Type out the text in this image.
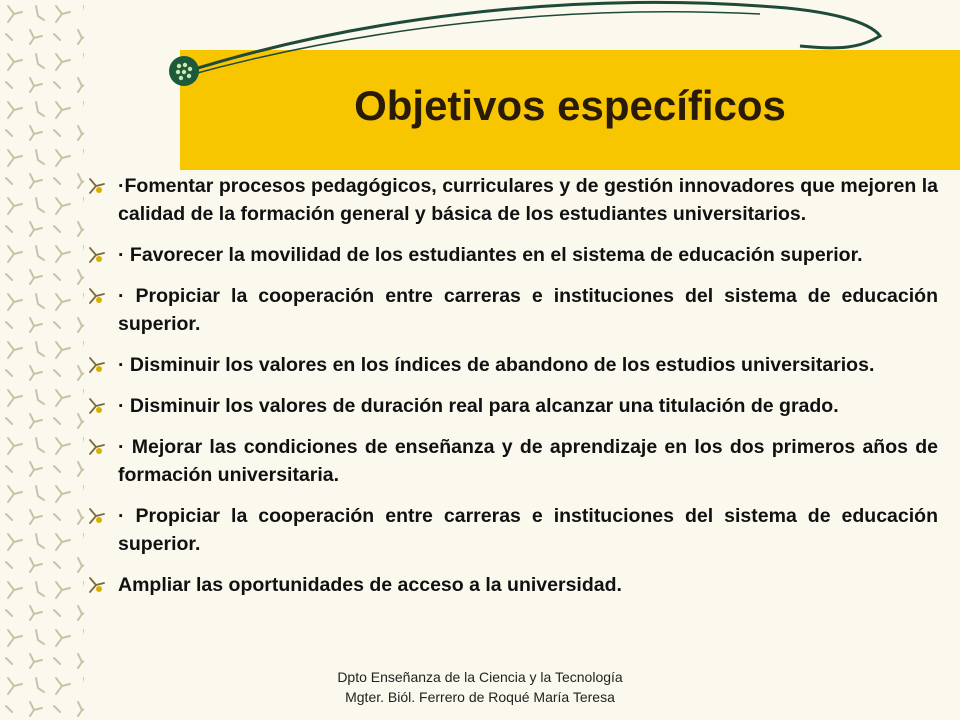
Objetivos específicos
·Fomentar procesos pedagógicos, curriculares y de gestión innovadores que mejoren la calidad de la formación general y básica de los estudiantes universitarios.
· Favorecer la movilidad de los estudiantes en el sistema de educación superior.
· Propiciar la cooperación entre carreras e instituciones del sistema de educación superior.
· Disminuir los valores en los índices de abandono de los estudios universitarios.
· Disminuir los valores de duración real para alcanzar una titulación de grado.
· Mejorar las condiciones de enseñanza y de aprendizaje en los dos primeros años de formación universitaria.
· Propiciar la cooperación entre carreras e instituciones del sistema de educación superior.
Ampliar las oportunidades de acceso a la universidad.
Dpto Enseñanza de la Ciencia y la Tecnología Mgter. Biól. Ferrero de Roqué María Teresa
